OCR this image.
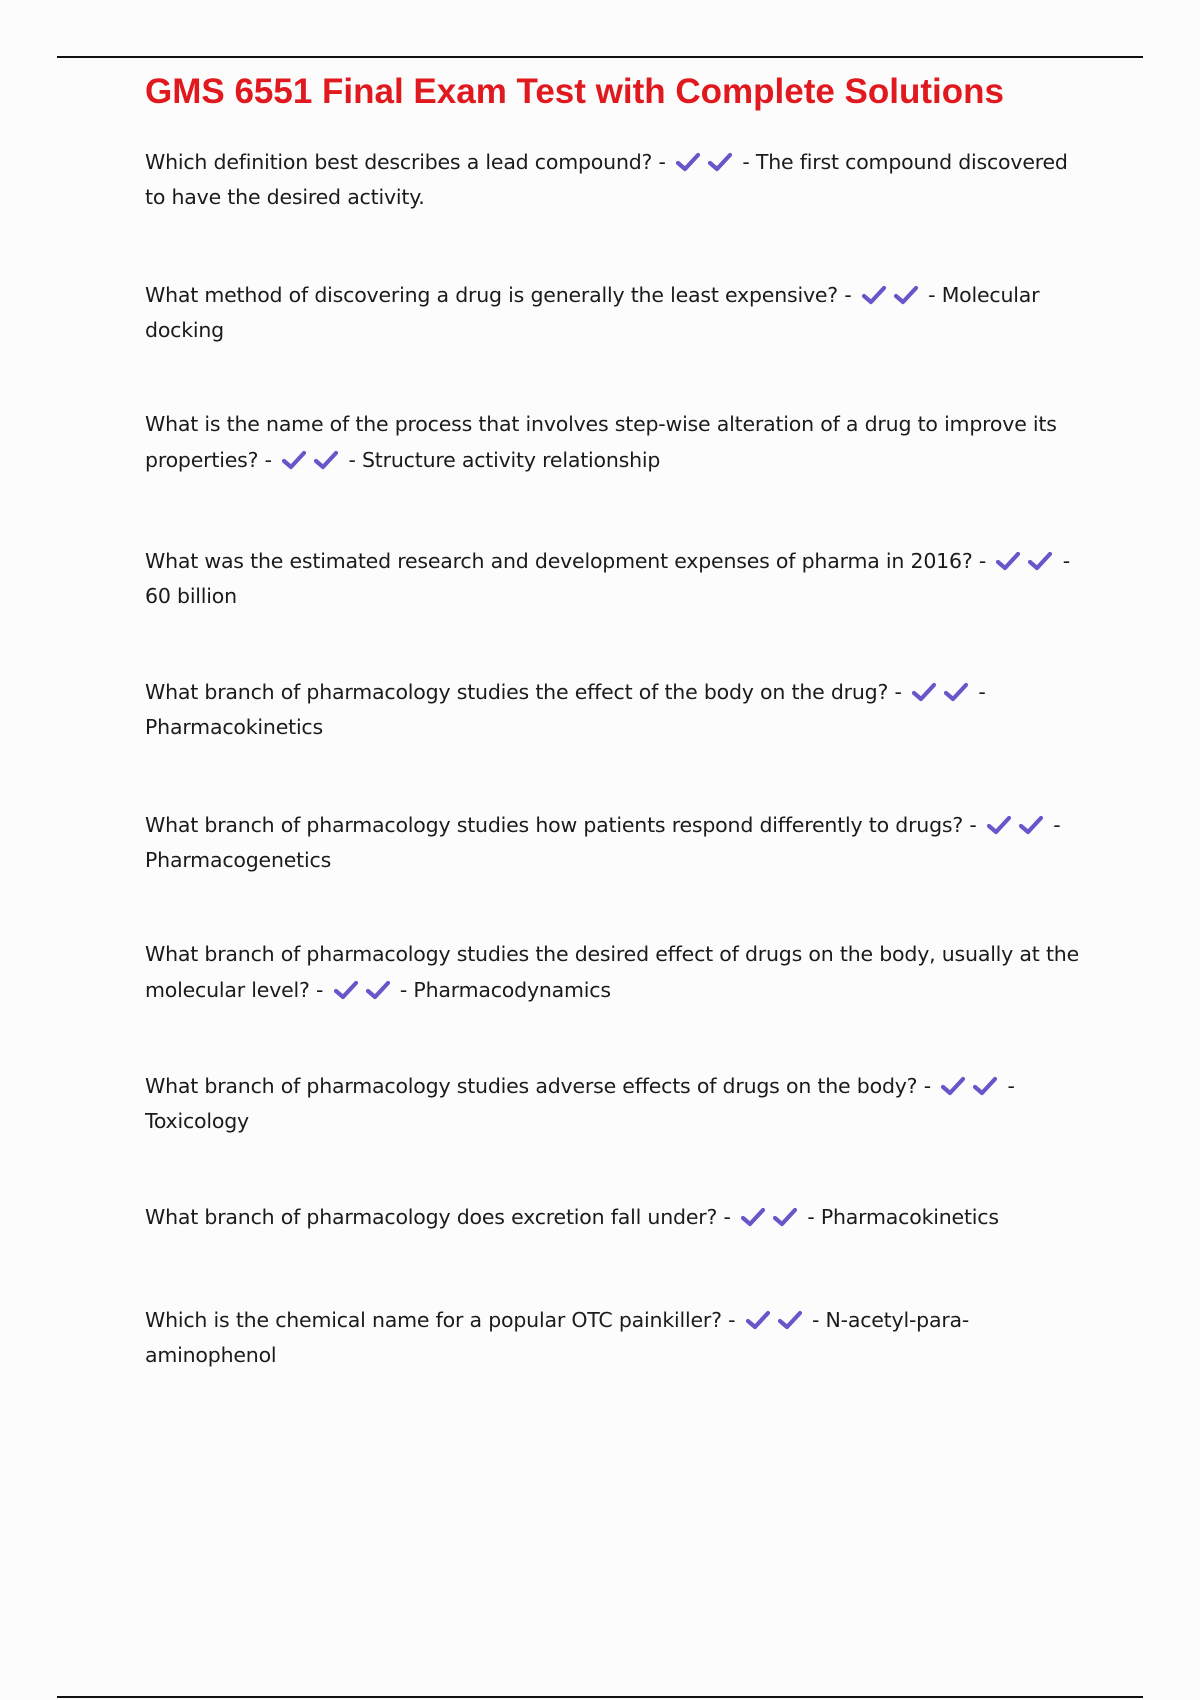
GMS 6551 Final Exam Test with Complete Solutions

Which definition best describes a lead compound? -	- The first compound discovered to have the desired activity.

What method of discovering a drug is generally the least expensive? -	- Molecular docking

What is the name of the process that involves step-wise alteration of a drug to improve its properties? -	- Structure activity relationship

What was the estimated research and development expenses of pharma in 2016? -	- 60 billion

What branch of pharmacology studies the effect of the body on the drug? -	- Pharmacokinetics

What branch of pharmacology studies how patients respond differently to drugs? -	- Pharmacogenetics

What branch of pharmacology studies the desired effect of drugs on the body, usually at the molecular level? -	- Pharmacodynamics

What branch of pharmacology studies adverse effects of drugs on the body? -	- Toxicology

What branch of pharmacology does excretion fall under? -	- Pharmacokinetics

Which is the chemical name for a popular OTC painkiller? -	- N-acetyl-para-aminophenol
